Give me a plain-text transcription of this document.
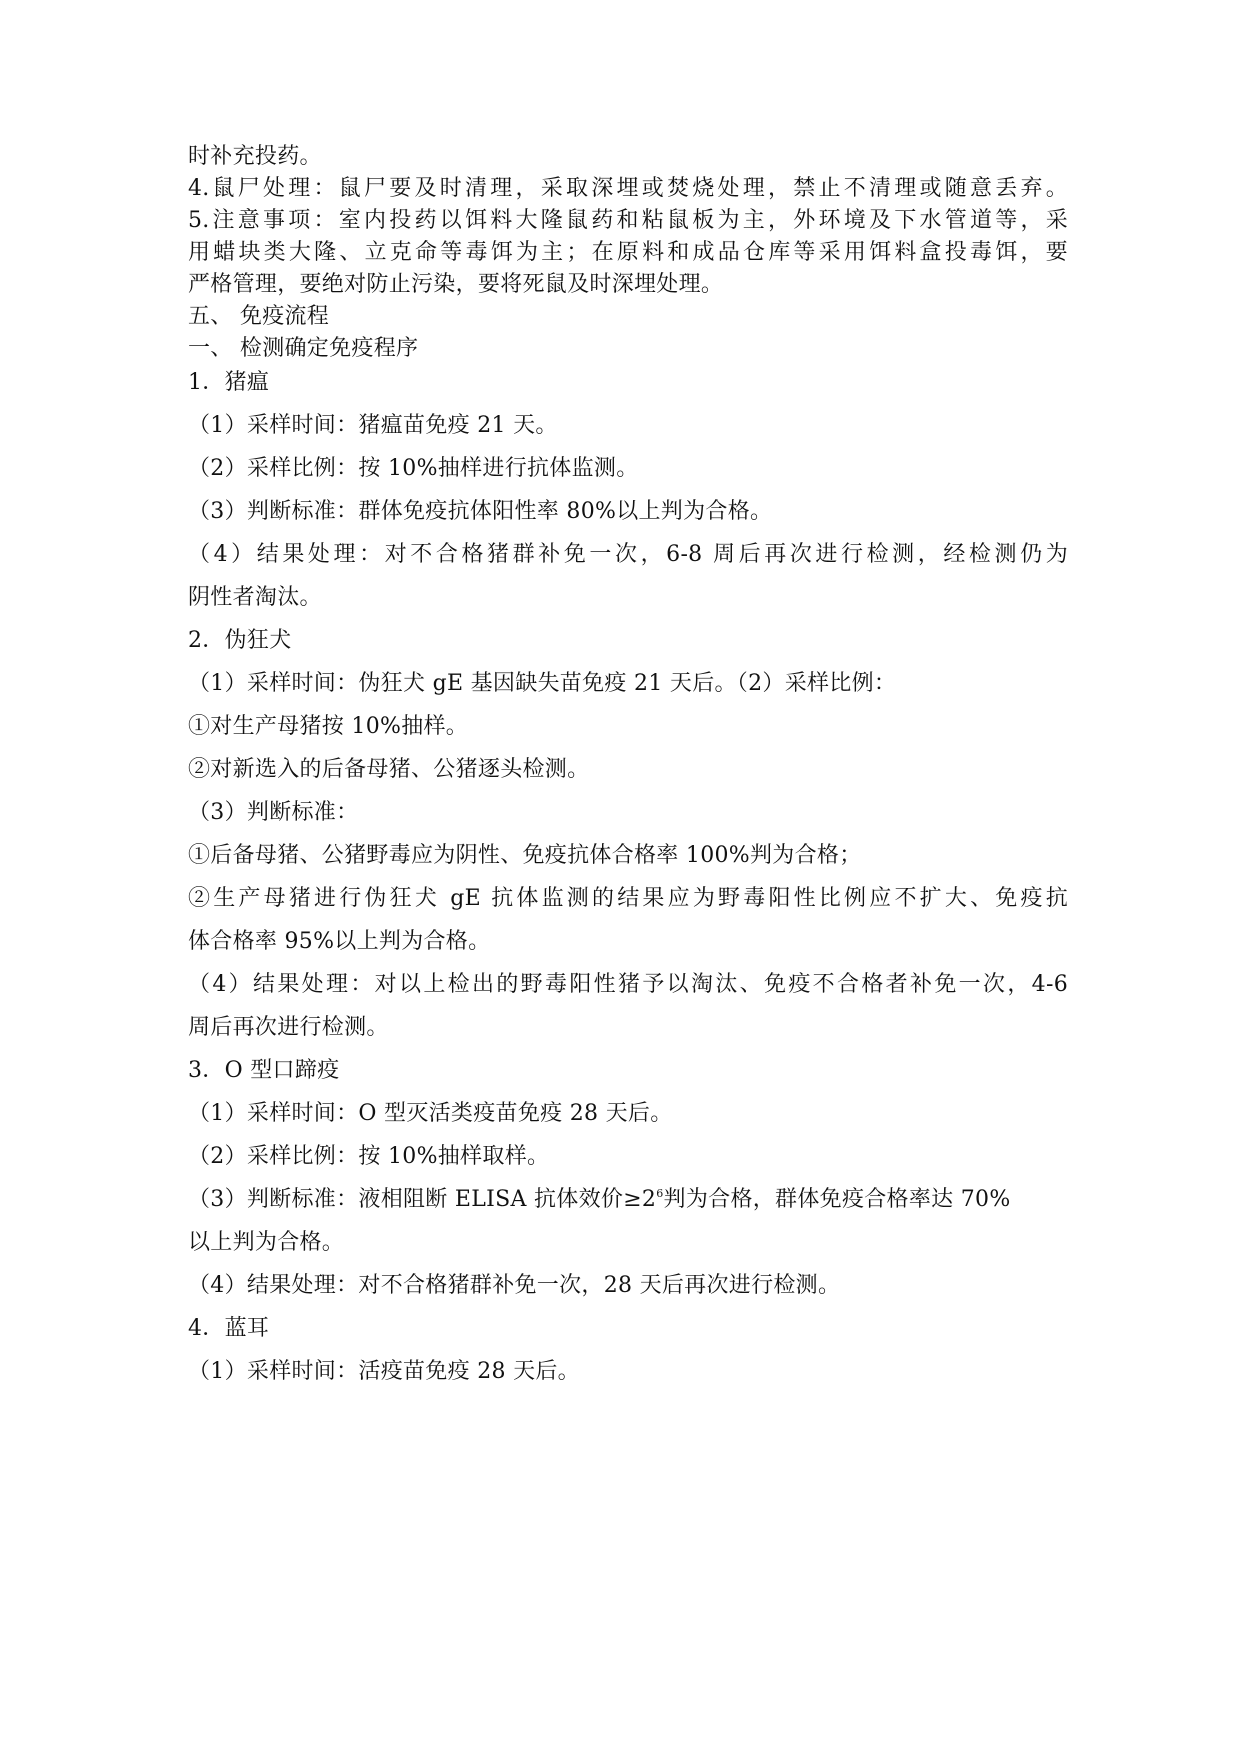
时补充投药。
4.鼠尸处理：鼠尸要及时清理，采取深埋或焚烧处理，禁止不清理或随意丢弃。
5.注意事项：室内投药以饵料大隆鼠药和粘鼠板为主，外环境及下水管道等，采
用蜡块类大隆、立克命等毒饵为主；在原料和成品仓库等采用饵料盒投毒饵，要
严格管理，要绝对防止污染，要将死鼠及时深埋处理。
五、 免疫流程
一、 检测确定免疫程序
1．猪瘟
（1）采样时间：猪瘟苗免疫 21 天。
（2）采样比例：按 10%抽样进行抗体监测。
（3）判断标准：群体免疫抗体阳性率 80%以上判为合格。
（4）结果处理：对不合格猪群补免一次，6-8 周后再次进行检测，经检测仍为
阴性者淘汰。
2．伪狂犬
（1）采样时间：伪狂犬 gE 基因缺失苗免疫 21 天后。（2）采样比例：
①对生产母猪按 10%抽样。
②对新选入的后备母猪、公猪逐头检测。
（3）判断标准：
①后备母猪、公猪野毒应为阴性、免疫抗体合格率 100%判为合格；
②生产母猪进行伪狂犬 gE 抗体监测的结果应为野毒阳性比例应不扩大、免疫抗
体合格率 95%以上判为合格。
（4）结果处理：对以上检出的野毒阳性猪予以淘汰、免疫不合格者补免一次，4-6
周后再次进行检测。
3．O 型口蹄疫
（1）采样时间：O 型灭活类疫苗免疫 28 天后。
（2）采样比例：按 10%抽样取样。
（3）判断标准：液相阻断 ELISA 抗体效价$\ge 2^6$判为合格，群体免疫合格率达 70%
以上判为合格。
（4）结果处理：对不合格猪群补免一次，28 天后再次进行检测。
4．蓝耳
（1）采样时间：活疫苗免疫 28 天后。
